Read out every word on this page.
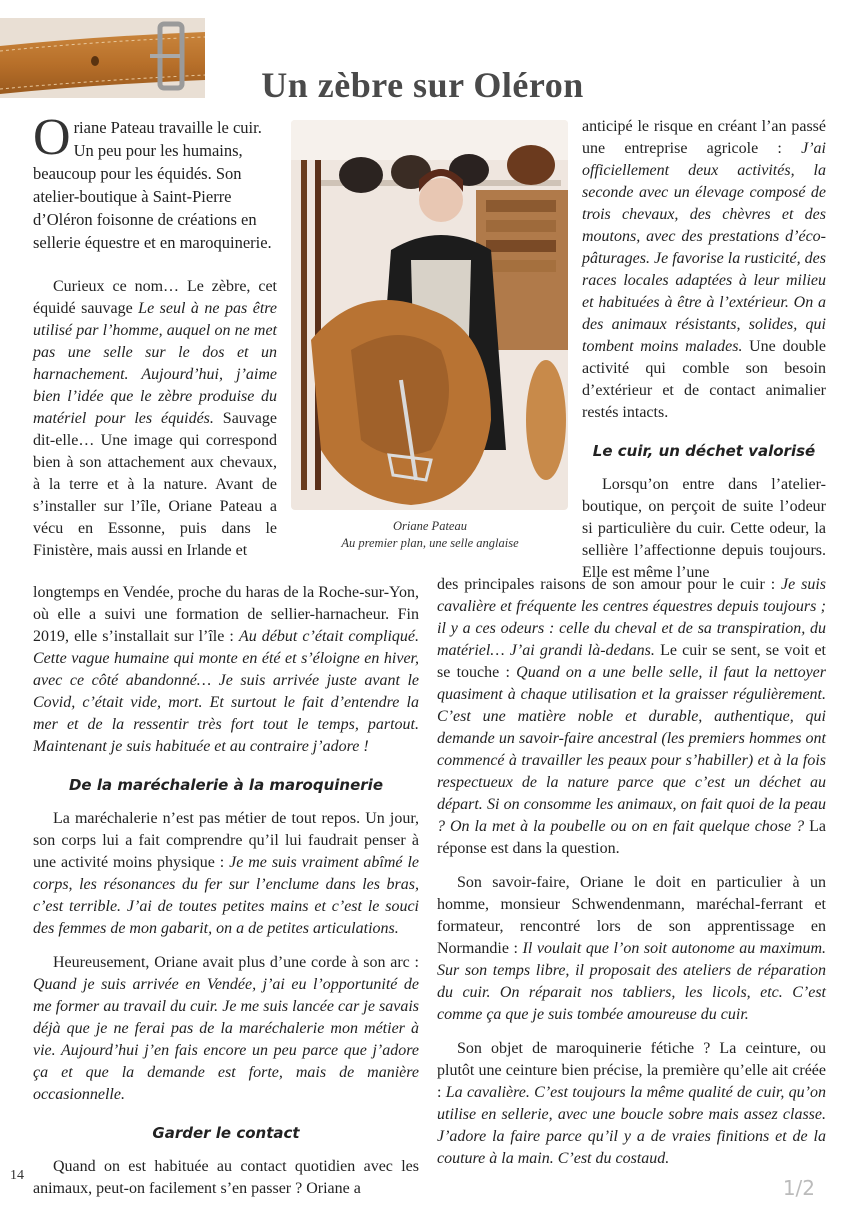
Un zèbre sur Oléron

Oriane Pateau travaille le cuir. Un peu pour les humains, beaucoup pour les équidés. Son atelier-boutique à Saint-Pierre d’Oléron foisonne de créations en sellerie équestre et en maroquinerie.

Curieux ce nom… Le zèbre, cet équidé sauvage Le seul à ne pas être utilisé par l’homme, auquel on ne met pas une selle sur le dos et un harnachement. Aujourd’hui, j’aime bien l’idée que le zèbre produise du matériel pour les équidés. Sauvage dit-elle… Une image qui correspond bien à son attachement aux chevaux, à la terre et à la nature. Avant de s’installer sur l’île, Oriane Pateau a vécu en Essonne, puis dans le Finistère, mais aussi en Irlande et

Oriane Pateau
Au premier plan, une selle anglaise

longtemps en Vendée, proche du haras de la Roche-sur-Yon, où elle a suivi une formation de sellier-harnacheur. Fin 2019, elle s’installait sur l’île : Au début c’était compliqué. Cette vague humaine qui monte en été et s’éloigne en hiver, avec ce côté abandonné… Je suis arrivée juste avant le Covid, c’était vide, mort. Et surtout le fait d’entendre la mer et de la ressentir très fort tout le temps, partout. Maintenant je suis habituée et au contraire j’adore !

De la maréchalerie à la maroquinerie

La maréchalerie n’est pas métier de tout repos. Un jour, son corps lui a fait comprendre qu’il lui faudrait penser à une activité moins physique : Je me suis vraiment abîmé le corps, les résonances du fer sur l’enclume dans les bras, c’est terrible. J’ai de toutes petites mains et c’est le souci des femmes de mon gabarit, on a de petites articulations.

Heureusement, Oriane avait plus d’une corde à son arc : Quand je suis arrivée en Vendée, j’ai eu l’opportunité de me former au travail du cuir. Je me suis lancée car je savais déjà que je ne ferai pas de la maréchalerie mon métier à vie. Aujourd’hui j’en fais encore un peu parce que j’adore ça et que la demande est forte, mais de manière occasionnelle.

Garder le contact

Quand on est habituée au contact quotidien avec les animaux, peut-on facilement s’en passer ? Oriane a

anticipé le risque en créant l’an passé une entreprise agricole : J’ai officiellement deux activités, la seconde avec un élevage composé de trois chevaux, des chèvres et des moutons, avec des prestations d’éco-pâturages. Je favorise la rusticité, des races locales adaptées à leur milieu et habituées à être à l’extérieur. On a des animaux résistants, solides, qui tombent moins malades. Une double activité qui comble son besoin d’extérieur et de contact animalier restés intacts.

Le cuir, un déchet valorisé

Lorsqu’on entre dans l’atelier-boutique, on perçoit de suite l’odeur si particulière du cuir. Cette odeur, la sellière l’affectionne depuis toujours. Elle est même l’une

des principales raisons de son amour pour le cuir : Je suis cavalière et fréquente les centres équestres depuis toujours ; il y a ces odeurs : celle du cheval et de sa transpiration, du matériel… J’ai grandi là-dedans. Le cuir se sent, se voit et se touche : Quand on a une belle selle, il faut la nettoyer quasiment à chaque utilisation et la graisser régulièrement. C’est une matière noble et durable, authentique, qui demande un savoir-faire ancestral (les premiers hommes ont commencé à travailler les peaux pour s’habiller) et à la fois respectueux de la nature parce que c’est un déchet au départ. Si on consomme les animaux, on fait quoi de la peau ? On la met à la poubelle ou on en fait quelque chose ? La réponse est dans la question.

Son savoir-faire, Oriane le doit en particulier à un homme, monsieur Schwendenmann, maréchal-ferrant et formateur, rencontré lors de son apprentissage en Normandie : Il voulait que l’on soit autonome au maximum. Sur son temps libre, il proposait des ateliers de réparation du cuir. On réparait nos tabliers, les licols, etc. C’est comme ça que je suis tombée amoureuse du cuir.

Son objet de maroquinerie fétiche ? La ceinture, ou plutôt une ceinture bien précise, la première qu’elle ait créée : La cavalière. C’est toujours la même qualité de cuir, qu’on utilise en sellerie, avec une boucle sobre mais assez classe. J’adore la faire parce qu’il y a de vraies finitions et de la couture à la main. C’est du costaud.

14
1/2
